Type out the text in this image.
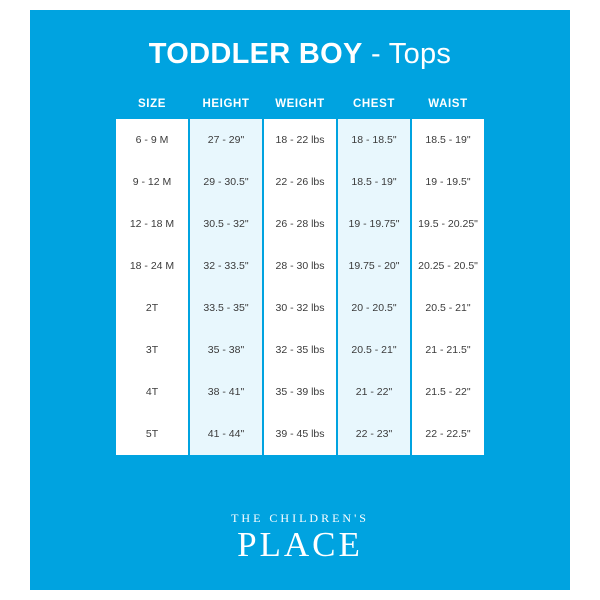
TODDLER BOY - Tops
SIZE	HEIGHT	WEIGHT	CHEST	WAIST
6 - 9 M	27 - 29"	18 - 22 lbs	18 - 18.5"	18.5 - 19"
9 - 12 M	29 - 30.5"	22 - 26 lbs	18.5 - 19"	19 - 19.5"
12 - 18 M	30.5 - 32"	26 - 28 lbs	19 - 19.75"	19.5 - 20.25"
18 - 24 M	32 - 33.5"	28 - 30 lbs	19.75 - 20"	20.25 - 20.5"
2T	33.5 - 35"	30 - 32 lbs	20 - 20.5"	20.5 - 21"
3T	35 - 38"	32 - 35 lbs	20.5 - 21"	21 - 21.5"
4T	38 - 41"	35 - 39 lbs	21 - 22"	21.5 - 22"
5T	41 - 44"	39 - 45 lbs	22 - 23"	22 - 22.5"
THE CHILDREN'S
PLACE
